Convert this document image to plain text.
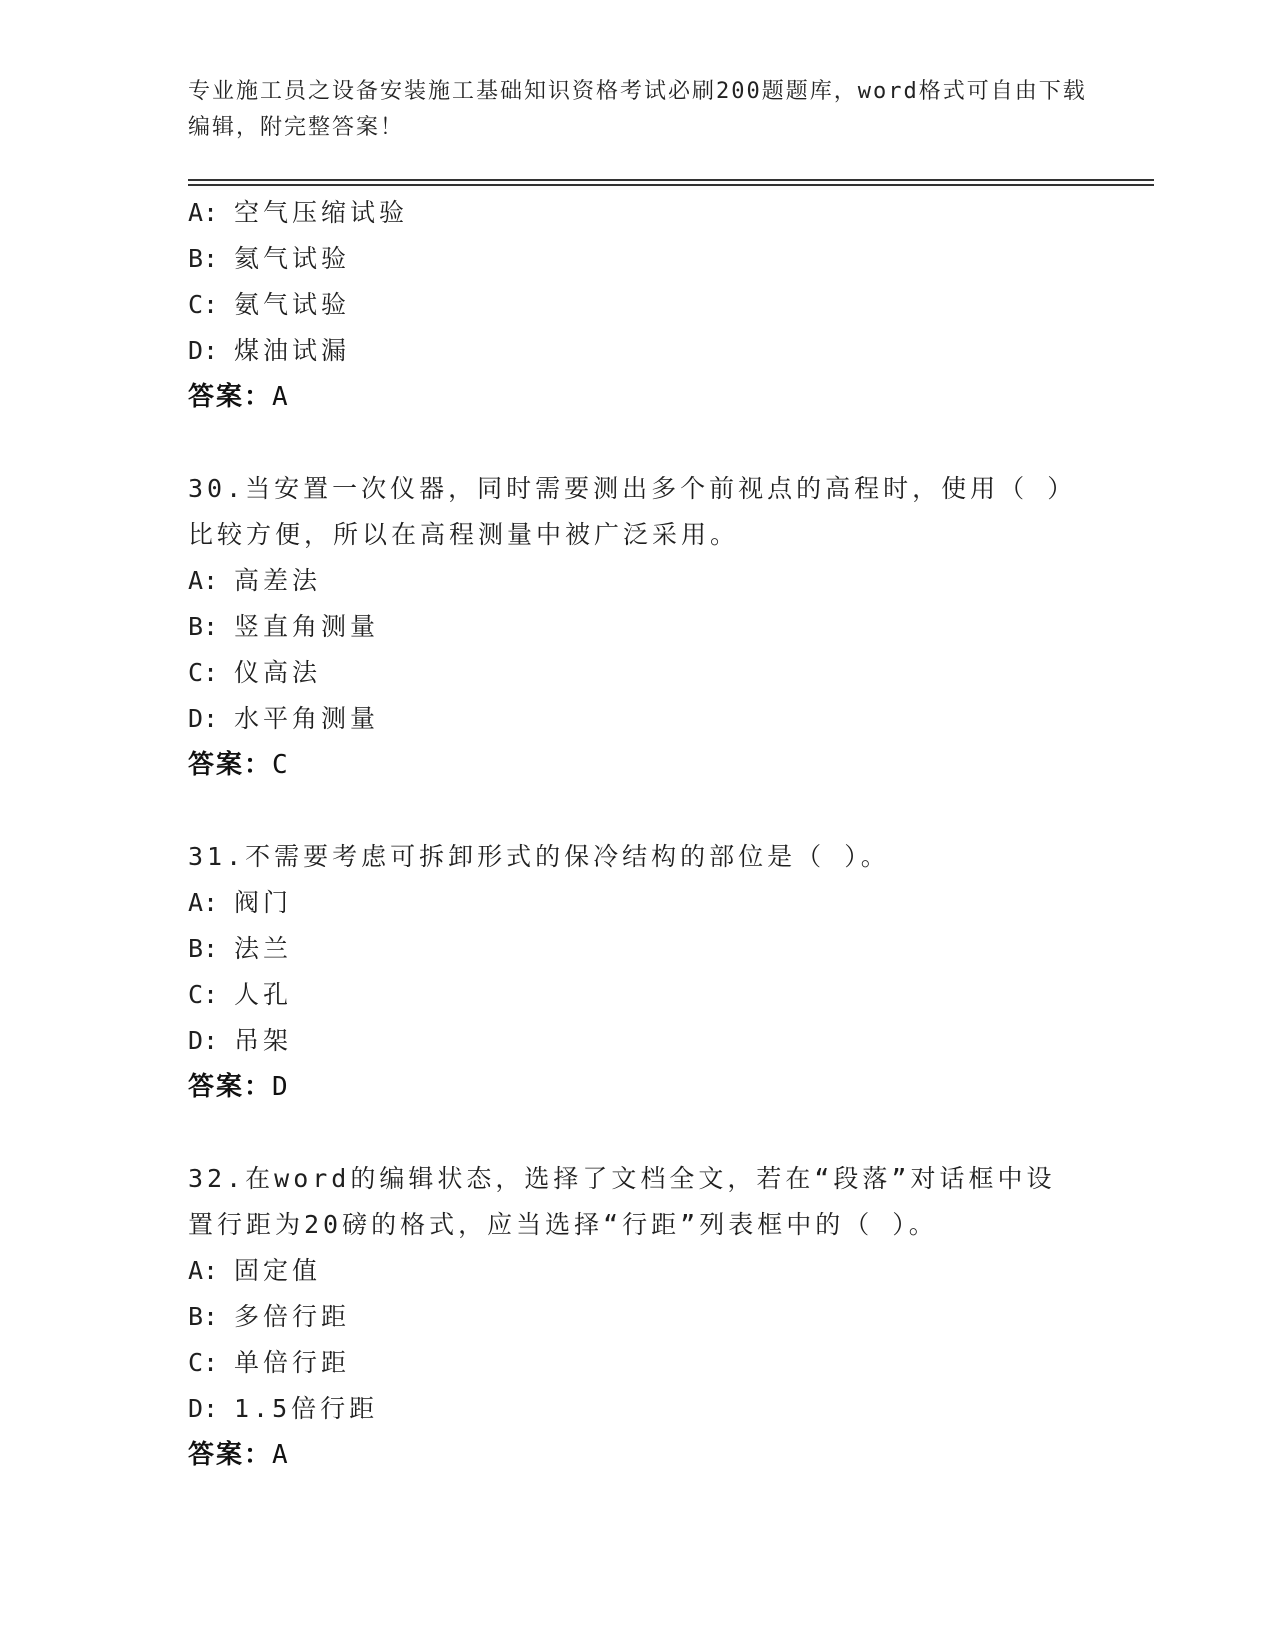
专业施工员之设备安装施工基础知识资格考试必刷200题题库，word格式可自由下载编辑，附完整答案！
A: 空气压缩试验
B: 氦气试验
C: 氨气试验
D: 煤油试漏
答案：A
30.当安置一次仪器，同时需要测出多个前视点的高程时，使用（ ）
比较方便，所以在高程测量中被广泛采用。
A: 高差法
B: 竖直角测量
C: 仪高法
D: 水平角测量
答案：C
31.不需要考虑可拆卸形式的保冷结构的部位是（ ）。
A: 阀门
B: 法兰
C: 人孔
D: 吊架
答案：D
32.在word的编辑状态，选择了文档全文，若在“段落”对话框中设
置行距为20磅的格式，应当选择“行距”列表框中的（ ）。
A: 固定值
B: 多倍行距
C: 单倍行距
D: 1.5倍行距
答案：A
